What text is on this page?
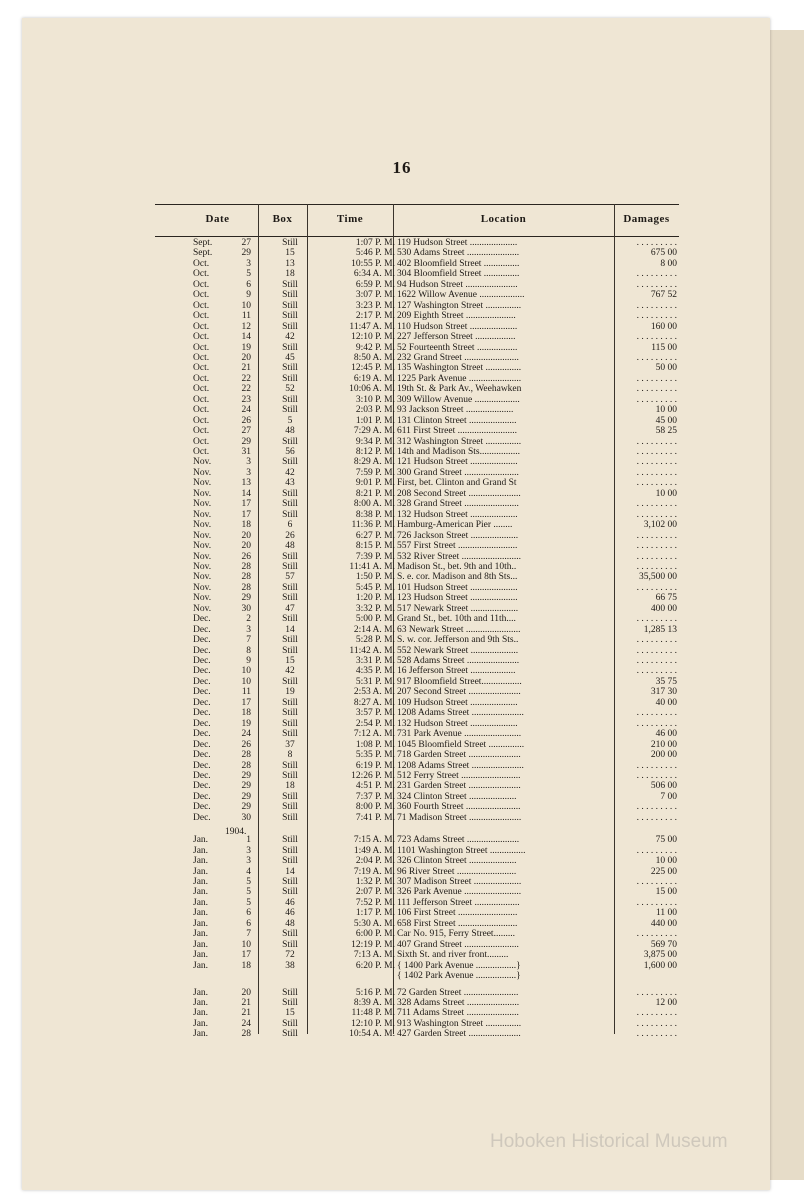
16
Date	Box	Time	Location	Damages
Sept.	27	Still	1:07 P. M. 119 Hudson Street ....................	. . . . . . . . .
Sept.	29	15	5:46 P. M. 530 Adams Street ......................	675 00
Oct.	3	13	10:55 P. M. 402 Bloomfield Street ...............	8 00
Oct.	5	18	6:34 A. M. 304 Bloomfield Street ...............	. . . . . . . . .
Oct.	6	Still	6:59 P. M. 94 Hudson Street ......................	. . . . . . . . .
Oct.	9	Still	3:07 P. M. 1622 Willow Avenue ...................	767 52
Oct.	10	Still	3:23 P. M. 127 Washington Street ...............	. . . . . . . . .
Oct.	11	Still	2:17 P. M. 209 Eighth Street .....................	. . . . . . . . .
Oct.	12	Still	11:47 A. M. 110 Hudson Street ....................	160 00
Oct.	14	42	12:10 P. M. 227 Jefferson Street .................	. . . . . . . . .
Oct.	19	Still	9:42 P. M. 52 Fourteenth Street .................	115 00
Oct.	20	45	8:50 A. M. 232 Grand Street .......................	. . . . . . . . .
Oct.	21	Still	12:45 P. M. 135 Washington Street ...............	50 00
Oct.	22	Still	6:19 A. M. 1225 Park Avenue ......................	. . . . . . . . .
Oct.	22	52	10:06 A. M. 19th St. & Park Av., Weehawken	. . . . . . . . .
Oct.	23	Still	3:10 P. M. 309 Willow Avenue ...................	. . . . . . . . .
Oct.	24	Still	2:03 P. M. 93 Jackson Street ....................	10 00
Oct.	26	5	1:01 P. M. 131 Clinton Street ....................	45 00
Oct.	27	48	7:29 A. M. 611 First Street .........................	58 25
Oct.	29	Still	9:34 P. M. 312 Washington Street ...............	. . . . . . . . .
Oct.	31	56	8:12 P. M. 14th and Madison Sts.................	. . . . . . . . .
Nov.	3	Still	8:29 A. M. 121 Hudson Street ....................	. . . . . . . . .
Nov.	3	42	7:59 P. M. 300 Grand Street .......................	. . . . . . . . .
Nov.	13	43	9:01 P. M. First, bet. Clinton and Grand St	. . . . . . . . .
Nov.	14	Still	8:21 P. M. 208 Second Street ......................	10 00
Nov.	17	Still	8:00 A. M. 328 Grand Street .......................	. . . . . . . . .
Nov.	17	Still	8:38 P. M. 132 Hudson Street ....................	. . . . . . . . .
Nov.	18	6	11:36 P. M. Hamburg-American Pier ........	3,102 00
Nov.	20	26	6:27 P. M. 726 Jackson Street ....................	. . . . . . . . .
Nov.	20	48	8:15 P. M. 557 First Street .........................	. . . . . . . . .
Nov.	26	Still	7:39 P. M. 532 River Street .........................	. . . . . . . . .
Nov.	28	Still	11:41 A. M. Madison St., bet. 9th and 10th..	. . . . . . . . .
Nov.	28	57	1:50 P. M. S. e. cor. Madison and 8th Sts...	35,500 00
Nov.	28	Still	5:45 P. M. 101 Hudson Street ....................	. . . . . . . . .
Nov.	29	Still	1:20 P. M. 123 Hudson Street ....................	66 75
Nov.	30	47	3:32 P. M. 517 Newark Street ....................	400 00
Dec.	2	Still	5:00 P. M. Grand St., bet. 10th and 11th....	. . . . . . . . .
Dec.	3	14	2:14 A. M. 63 Newark Street .......................	1,285 13
Dec.	7	Still	5:28 P. M. S. w. cor. Jefferson and 9th Sts..	. . . . . . . . .
Dec.	8	Still	11:42 A. M. 552 Newark Street ....................	. . . . . . . . .
Dec.	9	15	3:31 P. M. 528 Adams Street ......................	. . . . . . . . .
Dec.	10	42	4:35 P. M. 16 Jefferson Street ...................	. . . . . . . . .
Dec.	10	Still	5:31 P. M. 917 Bloomfield Street.................	35 75
Dec.	11	19	2:53 A. M. 207 Second Street ......................	317 30
Dec.	17	Still	8:27 A. M. 109 Hudson Street ....................	40 00
Dec.	18	Still	3:57 P. M. 1208 Adams Street ......................	. . . . . . . . .
Dec.	19	Still	2:54 P. M. 132 Hudson Street ....................	. . . . . . . . .
Dec.	24	Still	7:12 A. M. 731 Park Avenue ........................	46 00
Dec.	26	37	1:08 P. M. 1045 Bloomfield Street ...............	210 00
Dec.	28	8	5:35 P. M. 718 Garden Street ......................	200 00
Dec.	28	Still	6:19 P. M. 1208 Adams Street ......................	. . . . . . . . .
Dec.	29	Still	12:26 P. M. 512 Ferry Street .........................	. . . . . . . . .
Dec.	29	18	4:51 P. M. 231 Garden Street ......................	506 00
Dec.	29	Still	7:37 P. M. 324 Clinton Street ....................	7 00
Dec.	29	Still	8:00 P. M. 360 Fourth Street .......................	. . . . . . . . .
Dec.	30	Still	7:41 P. M. 71 Madison Street ......................	. . . . . . . . .
Jan.	1	Still	7:15 A. M. 723 Adams Street ......................	75 00
Jan.	3	Still	1:49 A. M. 1101 Washington Street ...............	. . . . . . . . .
Jan.	3	Still	2:04 P. M. 326 Clinton Street ....................	10 00
Jan.	4	14	7:19 A. M. 96 River Street .........................	225 00
Jan.	5	Still	1:32 P. M. 307 Madison Street ....................	. . . . . . . . .
Jan.	5	Still	2:07 P. M. 326 Park Avenue ........................	15 00
Jan.	5	46	7:52 P. M. 111 Jefferson Street ...................	. . . . . . . . .
Jan.	6	46	1:17 P. M. 106 First Street .........................	11 00
Jan.	6	48	5:30 A. M. 658 First Street .........................	440 00
Jan.	7	Still	6:00 P. M. Car No. 915, Ferry Street.........	. . . . . . . . .
Jan.	10	Still	12:19 P. M. 407 Grand Street .......................	569 70
Jan.	17	72	7:13 A. M. Sixth St. and river front.........	3,875 00
Jan.	18	38	6:20 P. M. { 1400 Park Avenue .................}	1,600 00
{ 1402 Park Avenue .................}
Jan.	20	Still	5:16 P. M. 72 Garden Street .......................	. . . . . . . . .
Jan.	21	Still	8:39 A. M. 328 Adams Street ......................	12 00
Jan.	21	15	11:48 P. M. 711 Adams Street ......................	. . . . . . . . .
Jan.	24	Still	12:10 P. M. 913 Washington Street ...............	. . . . . . . . .
Jan.	28	Still	10:54 A. M. 427 Garden Street ......................	. . . . . . . . .
1904.
Hoboken Historical Museum
